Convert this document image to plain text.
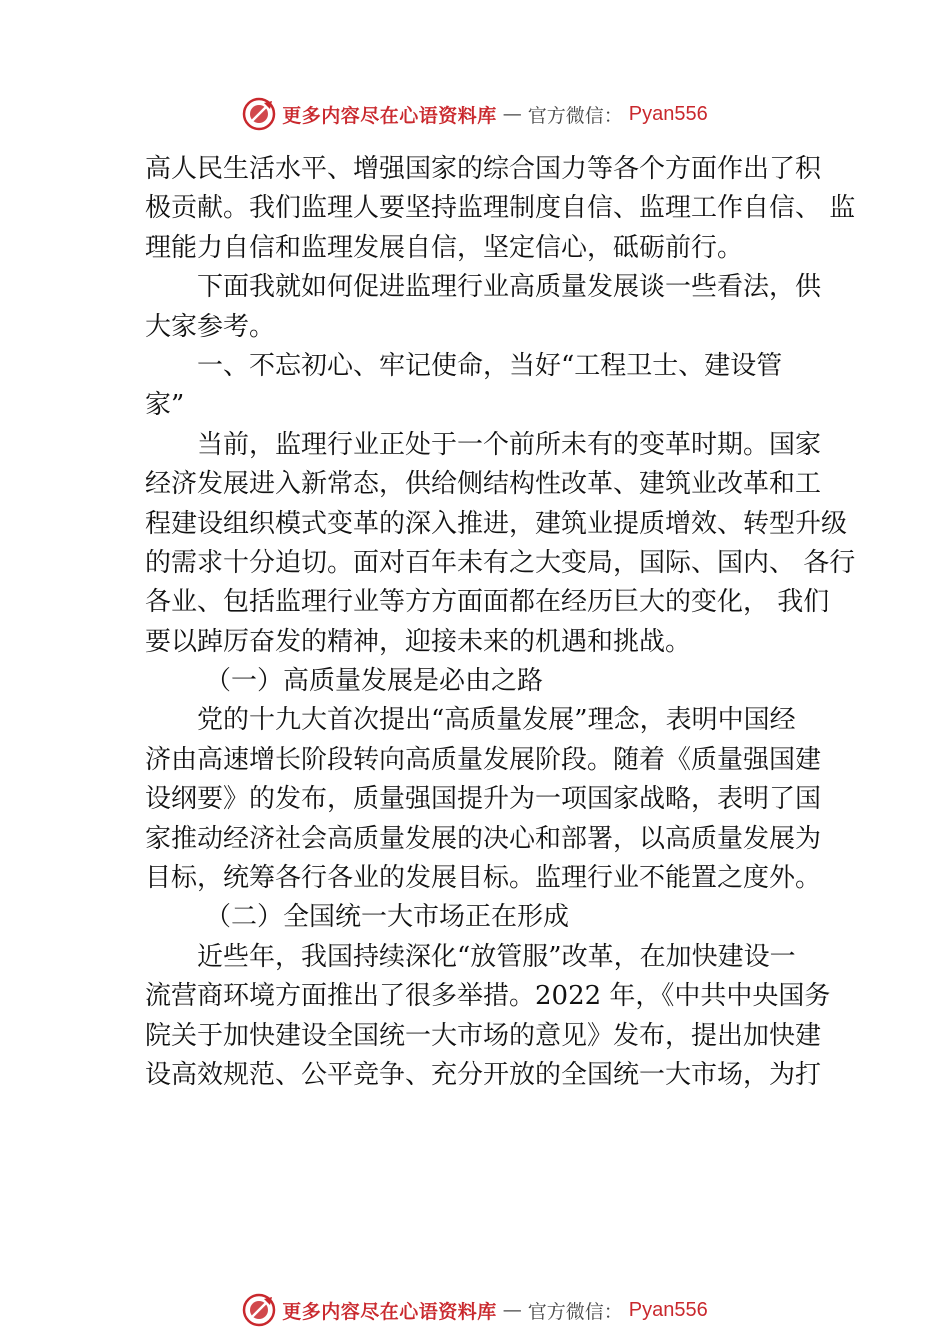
更多内容尽在心语资料库 — 官方微信： Pyan556
高人民生活水平、增强国家的综合国力等各个方面作出了积
极贡献。我们监理人要坚持监理制度自信、监理工作自信、 监
理能力自信和监理发展自信，坚定信心，砥砺前行。
下面我就如何促进监理行业高质量发展谈一些看法，供
大家参考。
一、不忘初心、牢记使命，当好“工程卫士、建设管
家”
当前，监理行业正处于一个前所未有的变革时期。国家
经济发展进入新常态，供给侧结构性改革、建筑业改革和工
程建设组织模式变革的深入推进，建筑业提质增效、转型升级
的需求十分迫切。面对百年未有之大变局，国际、国内、 各行
各业、包括监理行业等方方面面都在经历巨大的变化， 我们
要以踔厉奋发的精神，迎接未来的机遇和挑战。
（一）高质量发展是必由之路
党的十九大首次提出“高质量发展”理念，表明中国经
济由高速增长阶段转向高质量发展阶段。随着《质量强国建
设纲要》的发布，质量强国提升为一项国家战略，表明了国
家推动经济社会高质量发展的决心和部署，以高质量发展为
目标，统筹各行各业的发展目标。监理行业不能置之度外。
（二）全国统一大市场正在形成
近些年，我国持续深化“放管服”改革，在加快建设一
流营商环境方面推出了很多举措。2022 年，《中共中央国务
院关于加快建设全国统一大市场的意见》发布，提出加快建
设高效规范、公平竞争、充分开放的全国统一大市场，为打
更多内容尽在心语资料库 — 官方微信： Pyan556
